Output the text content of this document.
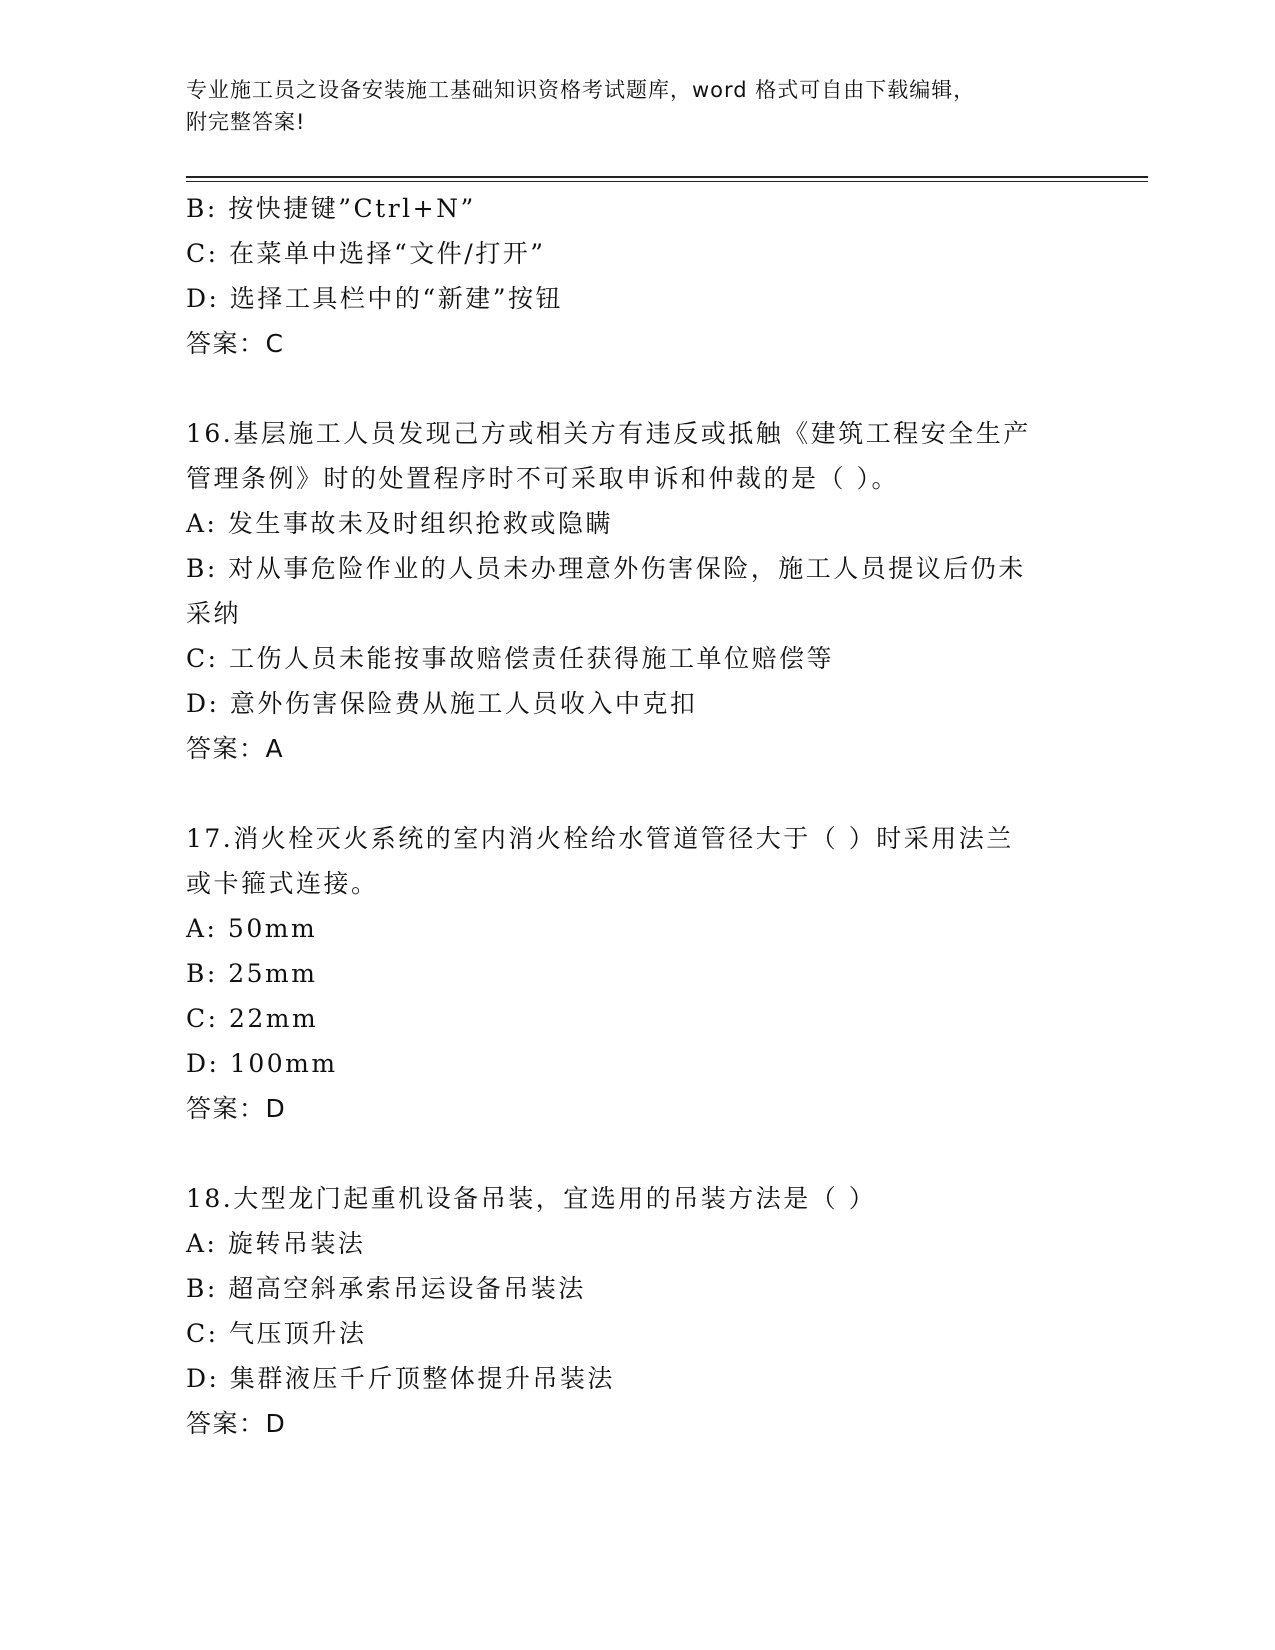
专业施工员之设备安装施工基础知识资格考试题库，word 格式可自由下载编辑，

附完整答案!

B: 按快捷键”Ctrl+N”
C: 在菜单中选择“文件/打开”
D: 选择工具栏中的“新建”按钮
答案：C
16.基层施工人员发现己方或相关方有违反或抵触《建筑工程安全生产
管理条例》时的处置程序时不可采取申诉和仲裁的是（ ）。
A: 发生事故未及时组织抢救或隐瞒
B: 对从事危险作业的人员未办理意外伤害保险，施工人员提议后仍未
采纳
C: 工伤人员未能按事故赔偿责任获得施工单位赔偿等
D: 意外伤害保险费从施工人员收入中克扣
答案：A
17.消火栓灭火系统的室内消火栓给水管道管径大于（ ）时采用法兰
或卡箍式连接。
A: 50mm
B: 25mm
C: 22mm
D: 100mm
答案：D
18.大型龙门起重机设备吊装，宜选用的吊装方法是（ ）
A: 旋转吊装法
B: 超高空斜承索吊运设备吊装法
C: 气压顶升法
D: 集群液压千斤顶整体提升吊装法
答案：D
